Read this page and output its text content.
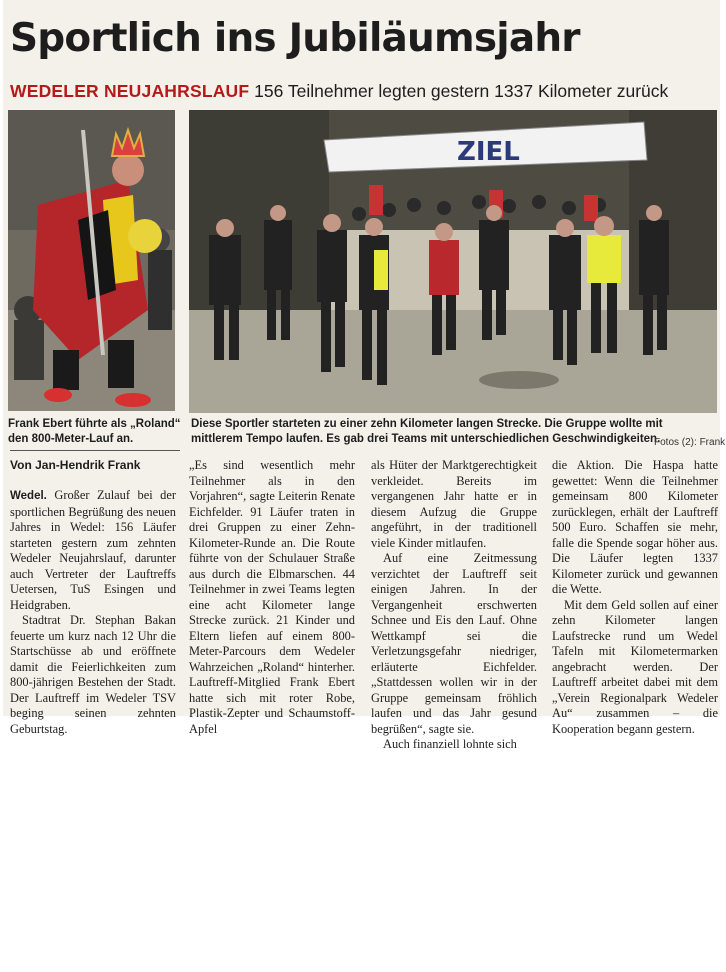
Sportlich ins Jubiläumsjahr
WEDELER NEUJAHRSLAUF 156 Teilnehmer legten gestern 1337 Kilometer zurück
ZIEL
Frank Ebert führte als „Roland“ den 800-Meter-Lauf an.
Diese Sportler starteten zu einer zehn Kilometer langen Strecke. Die Gruppe wollte mit mittlerem Tempo laufen. Es gab drei Teams mit unterschiedlichen Geschwindigkeiten.
Fotos (2): Frank
Von Jan-Hendrik Frank

Wedel. Großer Zulauf bei der sportlichen Begrüßung des neuen Jahres in Wedel: 156 Läufer starteten gestern zum zehnten Wedeler Neujahrslauf, darunter auch Vertreter der Lauftreffs Uetersen, TuS Esingen und Heidgraben.

Stadtrat Dr. Stephan Bakan feuerte um kurz nach 12 Uhr die Startschüsse ab und eröffnete damit die Feierlichkeiten zum 800-jährigen Bestehen der Stadt. Der Lauftreff im Wedeler TSV beging seinen zehnten Geburtstag.

„Es sind wesentlich mehr Teilnehmer als in den Vorjahren“, sagte Leiterin Renate Eichfelder. 91 Läufer traten in drei Gruppen zu einer Zehn-Kilometer-Runde an. Die Route führte von der Schulauer Straße aus durch die Elbmarschen. 44 Teilnehmer in zwei Teams legten eine acht Kilometer lange Strecke zurück. 21 Kinder und Eltern liefen auf einem 800-Meter-Parcours dem Wedeler Wahrzeichen „Roland“ hinterher. Lauftreff-Mitglied Frank Ebert hatte sich mit roter Robe, Plastik-Zepter und Schaumstoff-Apfel

als Hüter der Marktgerechtigkeit verkleidet. Bereits im vergangenen Jahr hatte er in diesem Aufzug die Gruppe angeführt, in der traditionell viele Kinder mitlaufen.

Auf eine Zeitmessung verzichtet der Lauftreff seit einigen Jahren. In der Vergangenheit erschwerten Schnee und Eis den Lauf. Ohne Wettkampf sei die Verletzungsgefahr niedriger, erläuterte Eichfelder. „Stattdessen wollen wir in der Gruppe gemeinsam fröhlich laufen und das Jahr gesund begrüßen“, sagte sie.

Auch finanziell lohnte sich

die Aktion. Die Haspa hatte gewettet: Wenn die Teilnehmer gemeinsam 800 Kilometer zurücklegen, erhält der Lauftreff 500 Euro. Schaffen sie mehr, falle die Spende sogar höher aus. Die Läufer legten 1337 Kilometer zurück und gewannen die Wette.

Mit dem Geld sollen auf einer zehn Kilometer langen Laufstrecke rund um Wedel Tafeln mit Kilometermarken angebracht werden. Der Lauftreff arbeitet dabei mit dem „Verein Regionalpark Wedeler Au“ zusammen – die Kooperation begann gestern.
